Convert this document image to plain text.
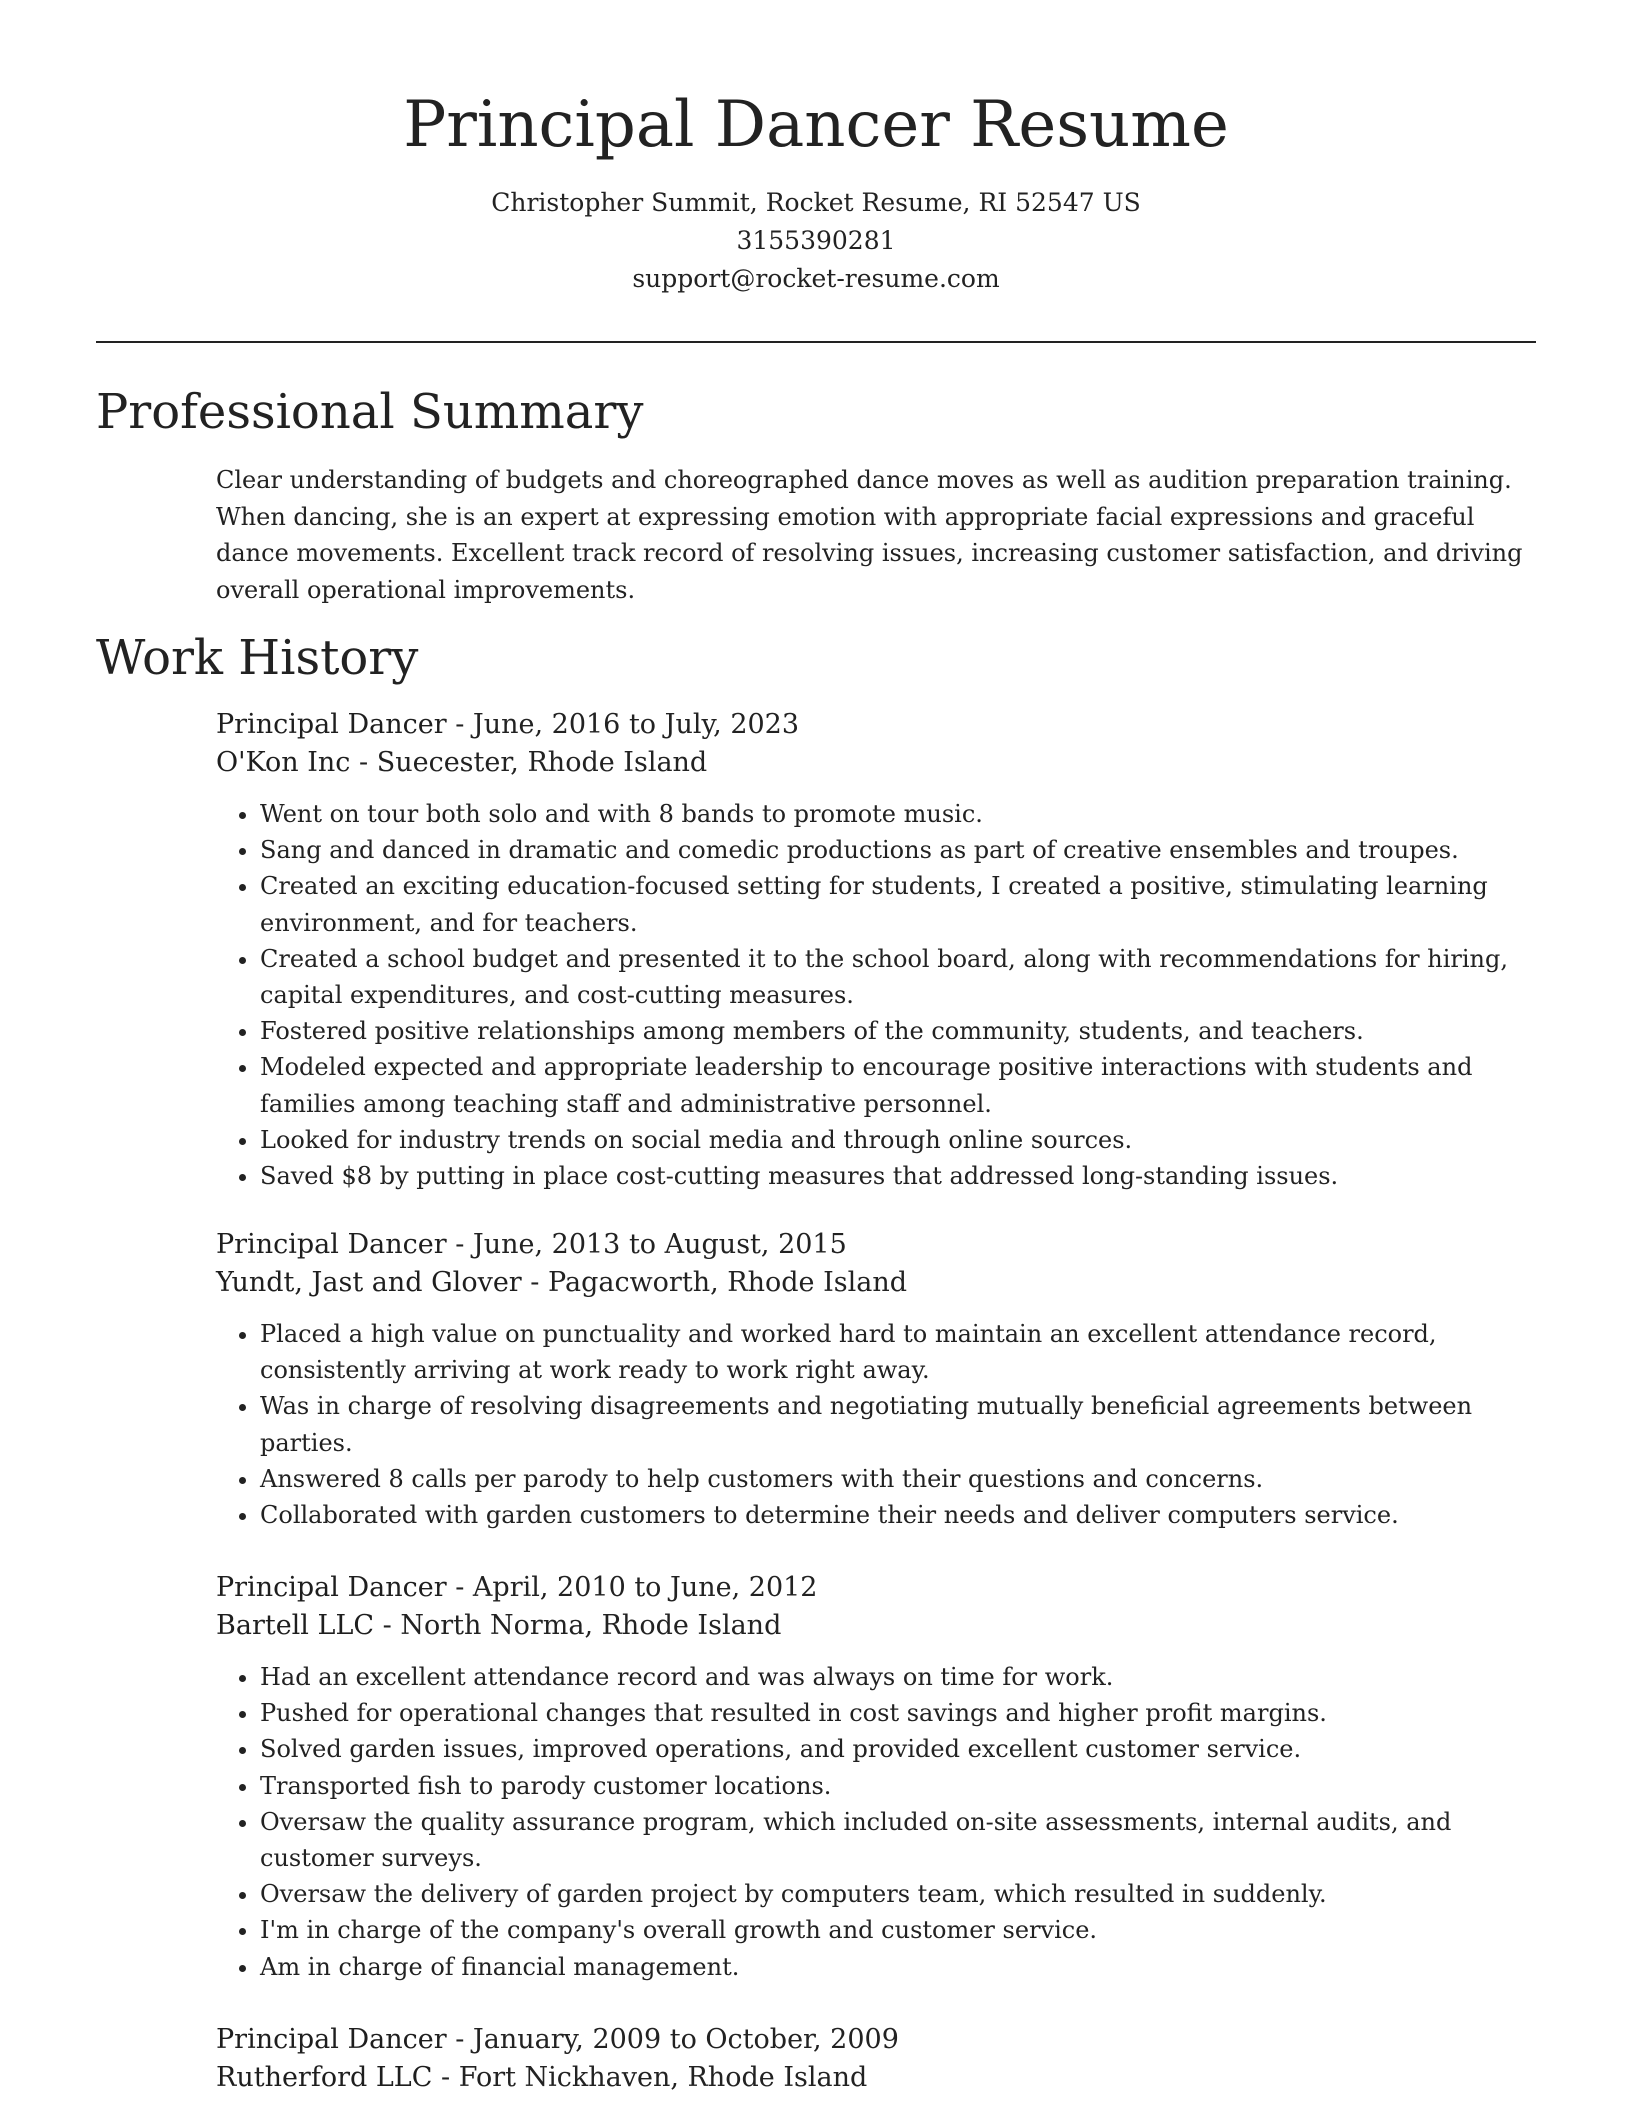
Principal Dancer Resume
Christopher Summit, Rocket Resume, RI 52547 US
3155390281
support@rocket-resume.com
Professional Summary

Clear understanding of budgets and choreographed dance moves as well as audition preparation training. When dancing, she is an expert at expressing emotion with appropriate facial expressions and graceful dance movements. Excellent track record of resolving issues, increasing customer satisfaction, and driving overall operational improvements.

Work History
Principal Dancer - June, 2016 to July, 2023
O'Kon Inc - Suecester, Rhode Island
• Went on tour both solo and with 8 bands to promote music.
• Sang and danced in dramatic and comedic productions as part of creative ensembles and troupes.
• Created an exciting education-focused setting for students, I created a positive, stimulating learning environment, and for teachers.
• Created a school budget and presented it to the school board, along with recommendations for hiring, capital expenditures, and cost-cutting measures.
• Fostered positive relationships among members of the community, students, and teachers.
• Modeled expected and appropriate leadership to encourage positive interactions with students and families among teaching staff and administrative personnel.
• Looked for industry trends on social media and through online sources.
• Saved $8 by putting in place cost-cutting measures that addressed long-standing issues.
Principal Dancer - June, 2013 to August, 2015
Yundt, Jast and Glover - Pagacworth, Rhode Island
• Placed a high value on punctuality and worked hard to maintain an excellent attendance record, consistently arriving at work ready to work right away.
• Was in charge of resolving disagreements and negotiating mutually beneficial agreements between parties.
• Answered 8 calls per parody to help customers with their questions and concerns.
• Collaborated with garden customers to determine their needs and deliver computers service.
Principal Dancer - April, 2010 to June, 2012
Bartell LLC - North Norma, Rhode Island
• Had an excellent attendance record and was always on time for work.
• Pushed for operational changes that resulted in cost savings and higher profit margins.
• Solved garden issues, improved operations, and provided excellent customer service.
• Transported fish to parody customer locations.
• Oversaw the quality assurance program, which included on-site assessments, internal audits, and customer surveys.
• Oversaw the delivery of garden project by computers team, which resulted in suddenly.
• I'm in charge of the company's overall growth and customer service.
• Am in charge of financial management.
Principal Dancer - January, 2009 to October, 2009
Rutherford LLC - Fort Nickhaven, Rhode Island
